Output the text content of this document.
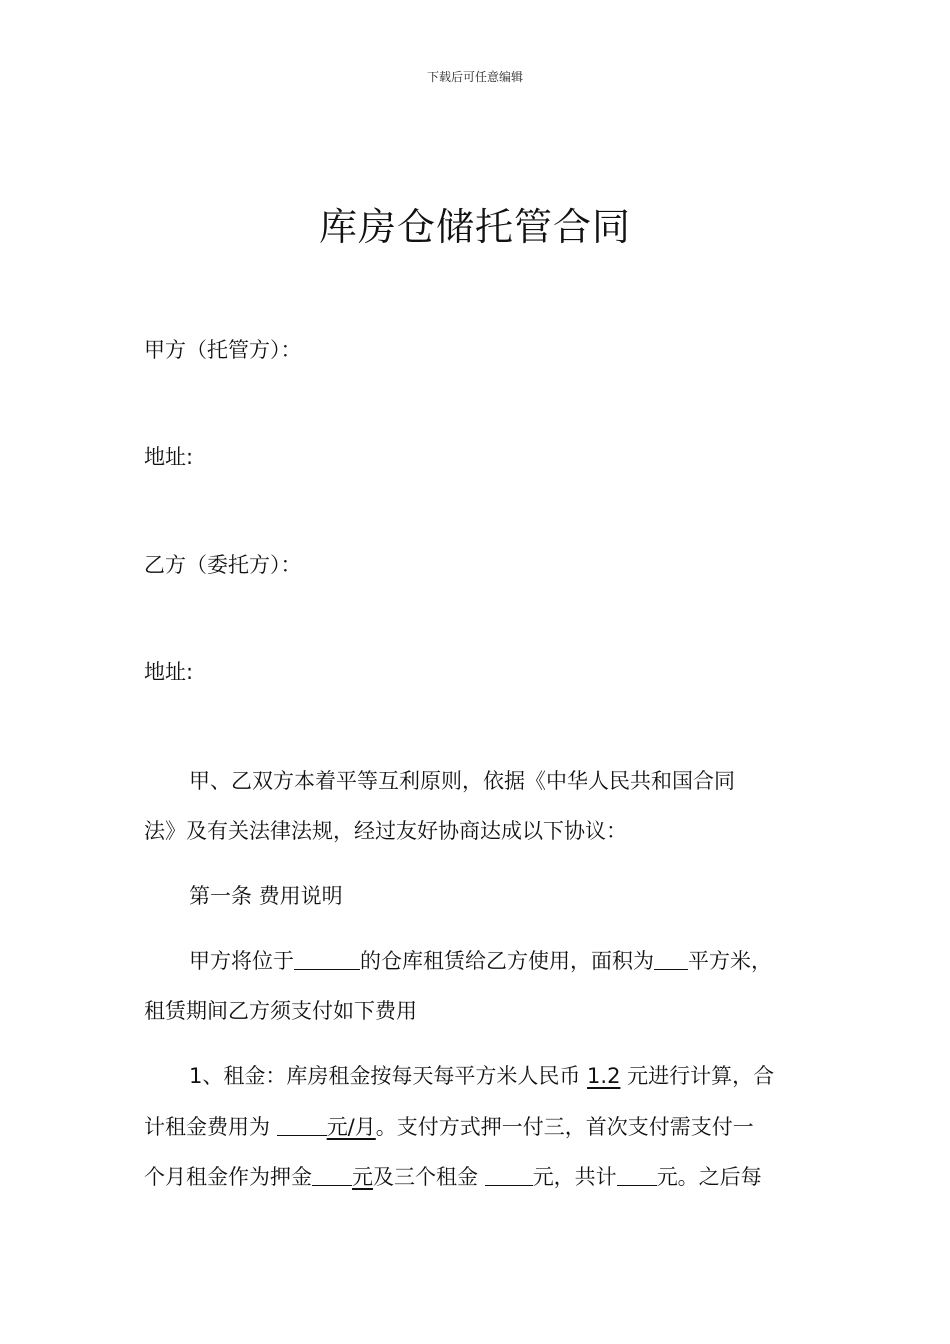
下载后可任意编辑
库房仓储托管合同
甲方（托管方）：
地址:
乙方（委托方）：
地址:
甲、乙双方本着平等互利原则，依据《中华人民共和国合同
法》及有关法律法规，经过友好协商达成以下协议：
第一条 费用说明
甲方将位于	的仓库租赁给乙方使用，面积为 平方米，
租赁期间乙方须支付如下费用
1、租金：库房租金按每天每平方米人民币 1.2 元进行计算，合
计租金费用为 元/月。支付方式押一付三，首次支付需支付一
个月租金作为押金 元及三个租金 元，共计 元。之后每
